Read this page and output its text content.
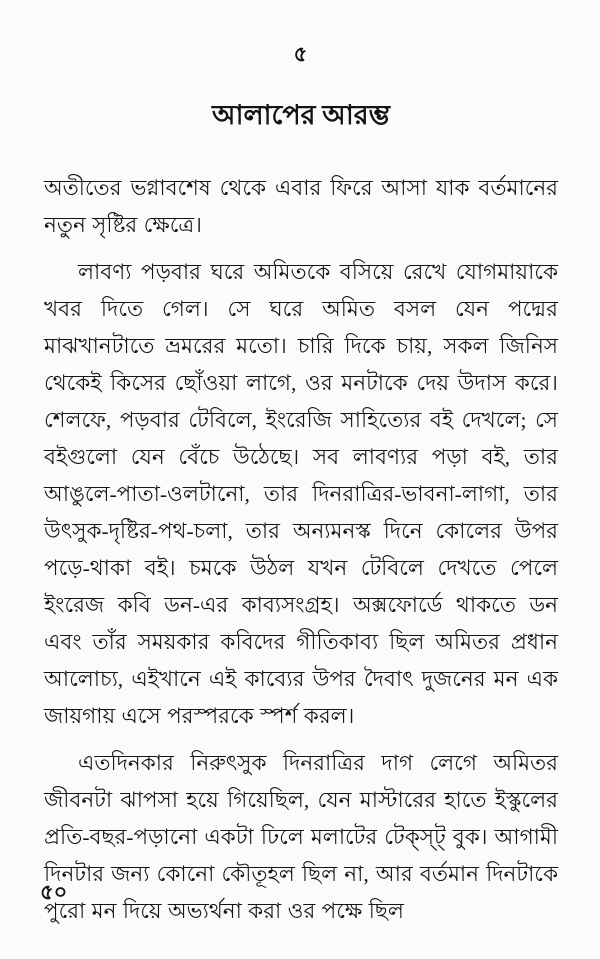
৫
আলাপের আরম্ভ

অতীতের ভগ্নাবশেষ থেকে এবার ফিরে আসা যাক বর্তমানের নতুন সৃষ্টির ক্ষেত্রে।

লাবণ্য পড়বার ঘরে অমিতকে বসিয়ে রেখে যোগমায়াকে খবর দিতে গেল। সে ঘরে অমিত বসল যেন পদ্মের মাঝখানটাতে ভ্রমরের মতো। চারি দিকে চায়, সকল জিনিস থেকেই কিসের ছোঁওয়া লাগে, ওর মনটাকে দেয় উদাস করে। শেলফে, পড়বার টেবিলে, ইংরেজি সাহিত্যের বই দেখলে; সে বইগুলো যেন বেঁচে উঠেছে। সব লাবণ্যর পড়া বই, তার আঙুলে-পাতা-ওলটানো, তার দিনরাত্রির-ভাবনা-লাগা, তার উৎসুক-দৃষ্টির-পথ-চলা, তার অন্যমনস্ক দিনে কোলের উপর পড়ে-থাকা বই। চমকে উঠল যখন টেবিলে দেখতে পেলে ইংরেজ কবি ডন-এর কাব্যসংগ্রহ। অক্সফোর্ডে থাকতে ডন এবং তাঁর সময়কার কবিদের গীতিকাব্য ছিল অমিতর প্রধান আলোচ্য, এইখানে এই কাব্যের উপর দৈবাৎ দুজনের মন এক জায়গায় এসে পরস্পরকে স্পর্শ করল।

এতদিনকার নিরুৎসুক দিনরাত্রির দাগ লেগে অমিতর জীবনটা ঝাপসা হয়ে গিয়েছিল, যেন মাস্টারের হাতে ইস্কুলের প্রতি-বছর-পড়ানো একটা ঢিলে মলাটের টেক্স্ট্‌ বুক। আগামী দিনটার জন্য কোনো কৌতূহল ছিল না, আর বর্তমান দিনটাকে পুরো মন দিয়ে অভ্যর্থনা করা ওর পক্ষে ছিল

৫০
